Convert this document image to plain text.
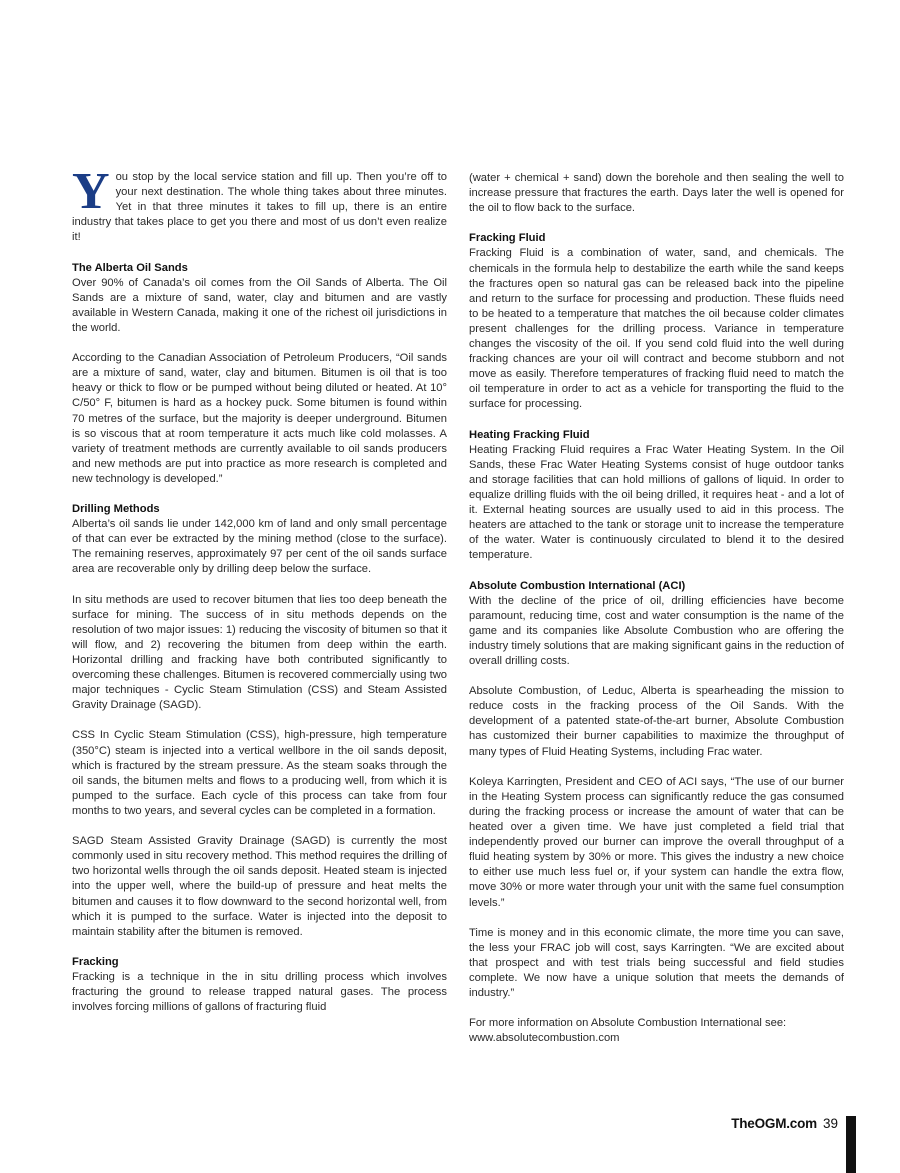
You stop by the local service station and fill up. Then you’re off to your next destination. The whole thing takes about three minutes. Yet in that three minutes it takes to fill up, there is an entire industry that takes place to get you there and most of us don’t even realize it!

The Alberta Oil Sands

Over 90% of Canada’s oil comes from the Oil Sands of Alberta. The Oil Sands are a mixture of sand, water, clay and bitumen and are vastly available in Western Canada, making it one of the richest oil jurisdictions in the world.

According to the Canadian Association of Petroleum Producers, “Oil sands are a mixture of sand, water, clay and bitumen. Bitumen is oil that is too heavy or thick to flow or be pumped without being diluted or heated. At 10° C/50° F, bitumen is hard as a hockey puck. Some bitumen is found within 70 metres of the surface, but the majority is deeper underground. Bitumen is so viscous that at room temperature it acts much like cold molasses. A variety of treatment methods are currently available to oil sands producers and new methods are put into practice as more research is completed and new technology is developed.”

Drilling Methods

Alberta’s oil sands lie under 142,000 km of land and only small percentage of that can ever be extracted by the mining method (close to the surface). The remaining reserves, approximately 97 per cent of the oil sands surface area are recoverable only by drilling deep below the surface.

In situ methods are used to recover bitumen that lies too deep beneath the surface for mining. The success of in situ methods depends on the resolution of two major issues: 1) reducing the viscosity of bitumen so that it will flow, and 2) recovering the bitumen from deep within the earth. Horizontal drilling and fracking have both contributed significantly to overcoming these challenges. Bitumen is recovered commercially using two major techniques - Cyclic Steam Stimulation (CSS) and Steam Assisted Gravity Drainage (SAGD).

CSS In Cyclic Steam Stimulation (CSS), high-pressure, high temperature (350°C) steam is injected into a vertical wellbore in the oil sands deposit, which is fractured by the stream pressure. As the steam soaks through the oil sands, the bitumen melts and flows to a producing well, from which it is pumped to the surface. Each cycle of this process can take from four months to two years, and several cycles can be completed in a formation.

SAGD Steam Assisted Gravity Drainage (SAGD) is currently the most commonly used in situ recovery method. This method requires the drilling of two horizontal wells through the oil sands deposit. Heated steam is injected into the upper well, where the build-up of pressure and heat melts the bitumen and causes it to flow downward to the second horizontal well, from which it is pumped to the surface. Water is injected into the deposit to maintain stability after the bitumen is removed.

Fracking

Fracking is a technique in the in situ drilling process which involves fracturing the ground to release trapped natural gases. The process involves forcing millions of gallons of fracturing fluid

(water + chemical + sand) down the borehole and then sealing the well to increase pressure that fractures the earth. Days later the well is opened for the oil to flow back to the surface.

Fracking Fluid

Fracking Fluid is a combination of water, sand, and chemicals. The chemicals in the formula help to destabilize the earth while the sand keeps the fractures open so natural gas can be released back into the pipeline and return to the surface for processing and production. These fluids need to be heated to a temperature that matches the oil because colder climates present challenges for the drilling process. Variance in temperature changes the viscosity of the oil. If you send cold fluid into the well during fracking chances are your oil will contract and become stubborn and not move as easily. Therefore temperatures of fracking fluid need to match the oil temperature in order to act as a vehicle for transporting the fluid to the surface for processing.

Heating Fracking Fluid

Heating Fracking Fluid requires a Frac Water Heating System. In the Oil Sands, these Frac Water Heating Systems consist of huge outdoor tanks and storage facilities that can hold millions of gallons of liquid. In order to equalize drilling fluids with the oil being drilled, it requires heat - and a lot of it. External heating sources are usually used to aid in this process. The heaters are attached to the tank or storage unit to increase the temperature of the water. Water is continuously circulated to blend it to the desired temperature.

Absolute Combustion International (ACI)

With the decline of the price of oil, drilling efficiencies have become paramount, reducing time, cost and water consumption is the name of the game and its companies like Absolute Combustion who are offering the industry timely solutions that are making significant gains in the reduction of overall drilling costs.

Absolute Combustion, of Leduc, Alberta is spearheading the mission to reduce costs in the fracking process of the Oil Sands. With the development of a patented state-of-the-art burner, Absolute Combustion has customized their burner capabilities to maximize the throughput of many types of Fluid Heating Systems, including Frac water.

Koleya Karringten, President and CEO of ACI says, “The use of our burner in the Heating System process can significantly reduce the gas consumed during the fracking process or increase the amount of water that can be heated over a given time. We have just completed a field trial that independently proved our burner can improve the overall throughput of a fluid heating system by 30% or more. This gives the industry a new choice to either use much less fuel or, if your system can handle the extra flow, move 30% or more water through your unit with the same fuel consumption levels.”

Time is money and in this economic climate, the more time you can save, the less your FRAC job will cost, says Karringten. “We are excited about that prospect and with test trials being successful and field studies complete. We now have a unique solution that meets the demands of industry.”

For more information on Absolute Combustion International see:
www.absolutecombustion.com

TheOGM.com 39
